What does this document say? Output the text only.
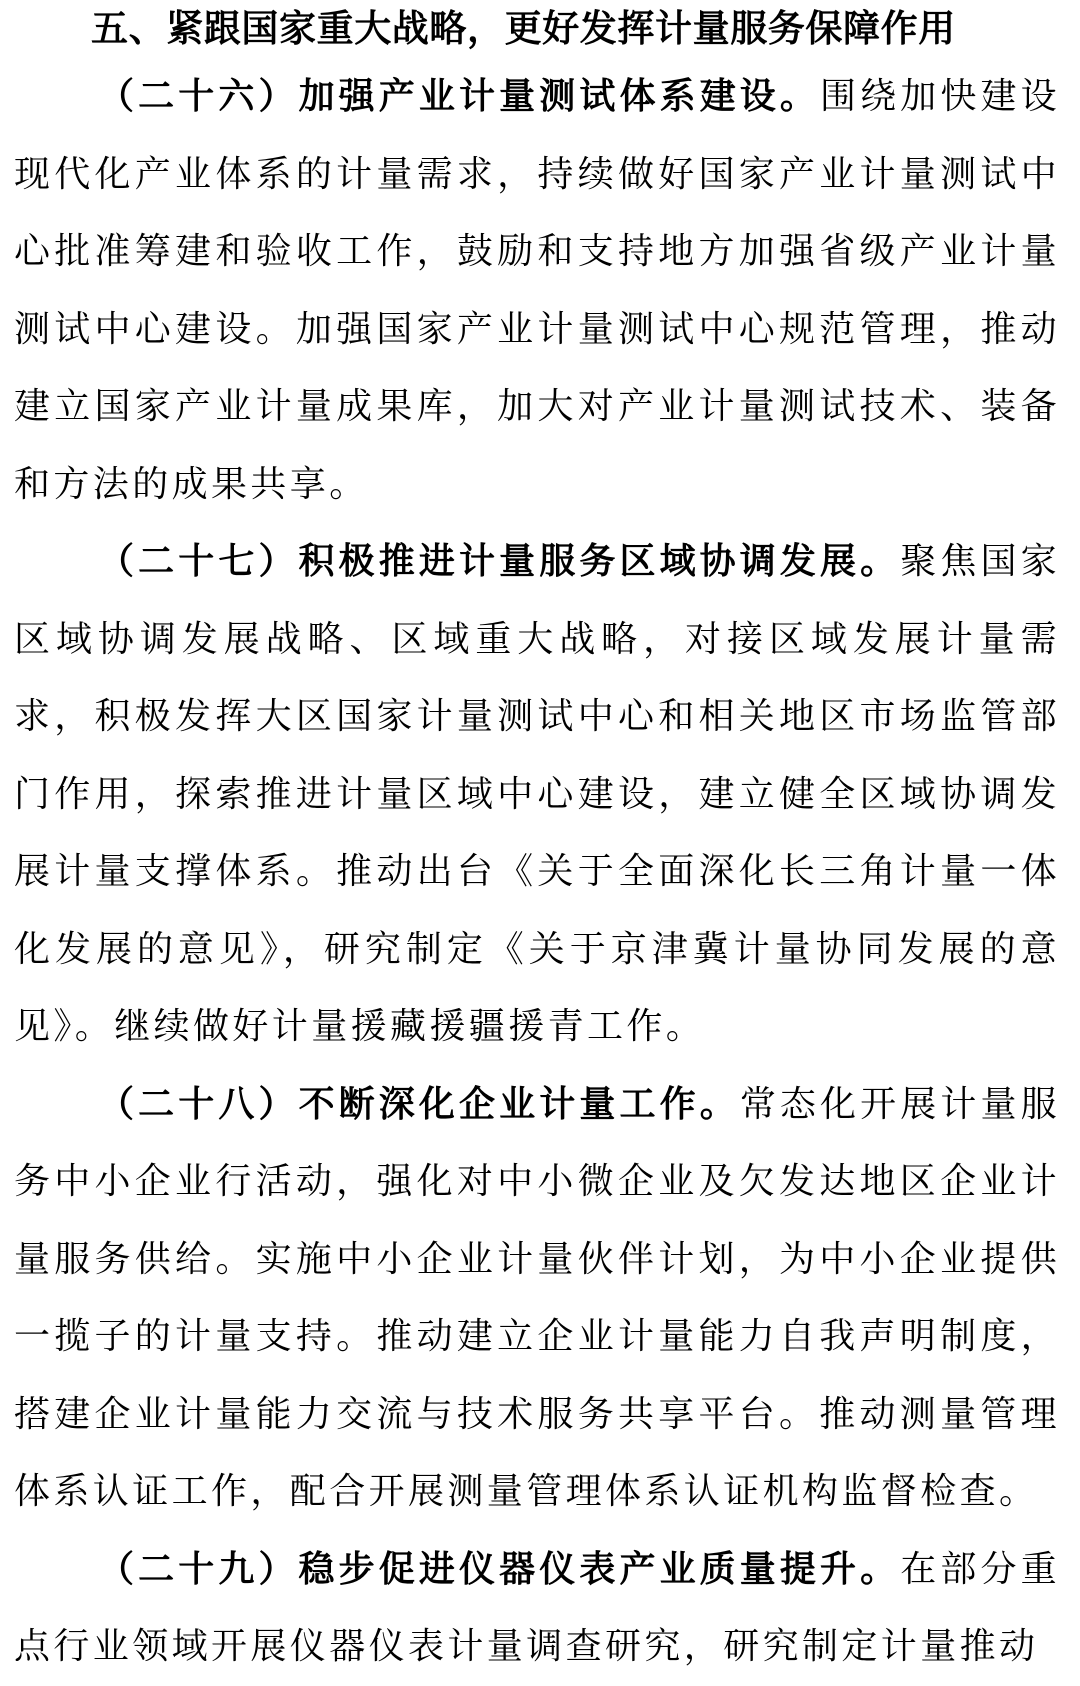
五、紧跟国家重大战略，更好发挥计量服务保障作用

（二十六）加强产业计量测试体系建设。围绕加快建设现代化产业体系的计量需求，持续做好国家产业计量测试中心批准筹建和验收工作，鼓励和支持地方加强省级产业计量测试中心建设。加强国家产业计量测试中心规范管理，推动建立国家产业计量成果库，加大对产业计量测试技术、装备和方法的成果共享。

（二十七）积极推进计量服务区域协调发展。聚焦国家区域协调发展战略、区域重大战略，对接区域发展计量需求，积极发挥大区国家计量测试中心和相关地区市场监管部门作用，探索推进计量区域中心建设，建立健全区域协调发展计量支撑体系。推动出台《关于全面深化长三角计量一体化发展的意见》，研究制定《关于京津冀计量协同发展的意见》。继续做好计量援藏援疆援青工作。

（二十八）不断深化企业计量工作。常态化开展计量服务中小企业行活动，强化对中小微企业及欠发达地区企业计量服务供给。实施中小企业计量伙伴计划，为中小企业提供一揽子的计量支持。推动建立企业计量能力自我声明制度，搭建企业计量能力交流与技术服务共享平台。推动测量管理体系认证工作，配合开展测量管理体系认证机构监督检查。

（二十九）稳步促进仪器仪表产业质量提升。在部分重点行业领域开展仪器仪表计量调查研究，研究制定计量推动
